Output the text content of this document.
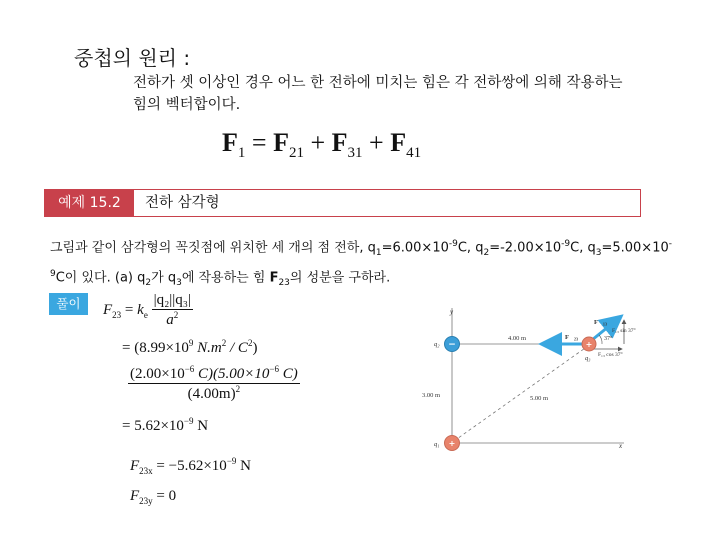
중첩의 원리 :
전하가 셋 이상인 경우 어느 한 전하에 미치는 힘은 각 전하쌍에 의해 작용하는 힘의 벡터합이다.
$F_1 = F_{21} + F_{31} + F_{41}$
예제 15.2	전하 삼각형
그림과 같이 삼각형의 꼭짓점에 위치한 세 개의 점 전하, $q_1=6.00\times 10^{-9}C$, $q_2=-2.00\times 10^{-9}C$, $q_3=5.00\times 10^{-9}C$이 있다. (a) $q_2$가 $q_3$에 작용하는 힘 $F_{23}$의 성분을 구하라.
풀이	$F_{23} = k_e \frac{\text{|q₂||q₃|}}{a^2}$
= ($8.99\times 10^9$ $N.m^2 / C^2$)
$\frac{(2.00\times 10^{-6} C)(5.00\times 10^{-6} C)}{(4.00m)^2}$
= $5.62\times 10^{-9}$ N
$F_{23x} = -5.62\times 10^{-9}$ N
$F_{23y} = 0$
y
x
4.00 m
3.00 m	5.00 m
F⃗₂₃
F⃗₁₃
F₁₃ sin 37°
F₁₃ cos 37°
37°
−
q₂
+
q₁
+
q₃
